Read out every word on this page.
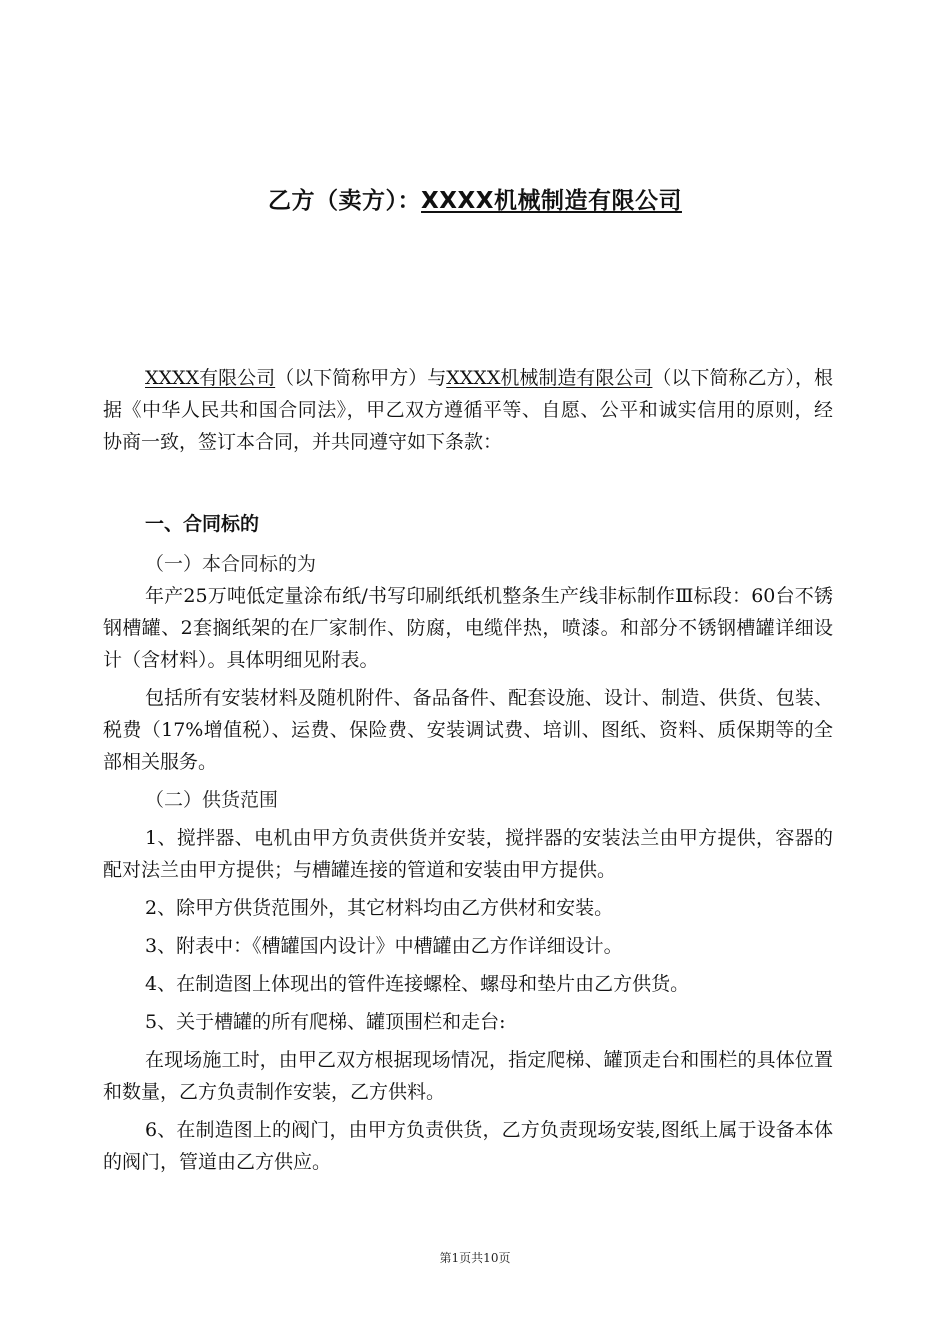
乙方（卖方）：XXXX机械制造有限公司

XXXX有限公司（以下简称甲方）与XXXX机械制造有限公司（以下简称乙方），根据《中华人民共和国合同法》，甲乙双方遵循平等、自愿、公平和诚实信用的原则，经协商一致，签订本合同，并共同遵守如下条款：

一、合同标的

（一）本合同标的为

年产25万吨低定量涂布纸/书写印刷纸纸机整条生产线非标制作Ⅲ标段：60台不锈钢槽罐、2套搁纸架的在厂家制作、防腐，电缆伴热，喷漆。和部分不锈钢槽罐详细设计（含材料）。具体明细见附表。

包括所有安装材料及随机附件、备品备件、配套设施、设计、制造、供货、包装、税费（17%增值税）、运费、保险费、安装调试费、培训、图纸、资料、质保期等的全部相关服务。

（二）供货范围

1、搅拌器、电机由甲方负责供货并安装，搅拌器的安装法兰由甲方提供，容器的配对法兰由甲方提供；与槽罐连接的管道和安装由甲方提供。

2、除甲方供货范围外，其它材料均由乙方供材和安装。

3、附表中：《槽罐国内设计》中槽罐由乙方作详细设计。

4、在制造图上体现出的管件连接螺栓、螺母和垫片由乙方供货。

5、关于槽罐的所有爬梯、罐顶围栏和走台:

在现场施工时，由甲乙双方根据现场情况，指定爬梯、罐顶走台和围栏的具体位置和数量，乙方负责制作安装，乙方供料。

6、在制造图上的阀门，由甲方负责供货，乙方负责现场安装,图纸上属于设备本体的阀门，管道由乙方供应。

第1页共10页
